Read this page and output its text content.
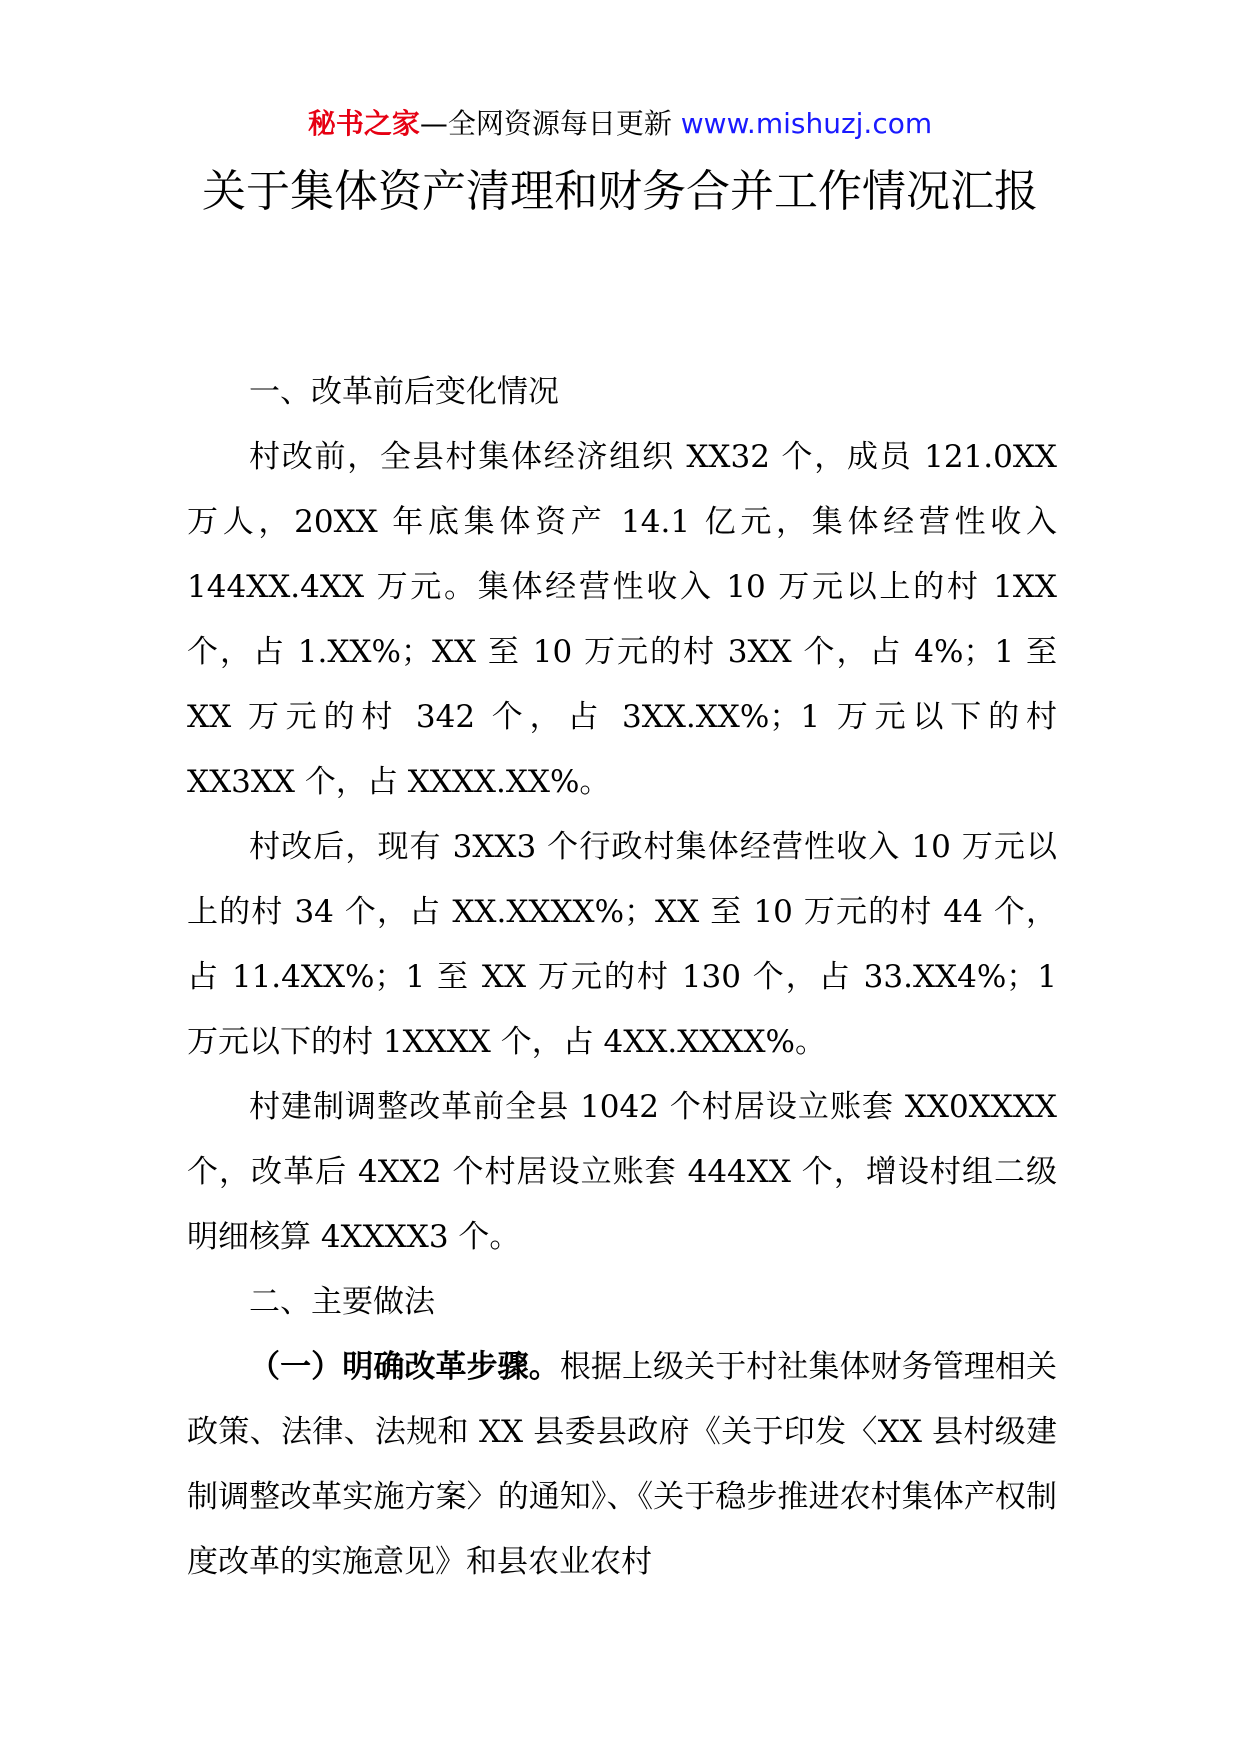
秘书之家—全网资源每日更新 www.mishuzj.com
关于集体资产清理和财务合并工作情况汇报

一、改革前后变化情况

村改前，全县村集体经济组织 XX32 个，成员 121.0XX 万人，20XX 年底集体资产 14.1 亿元，集体经营性收入 144XX.4XX 万元。集体经营性收入 10 万元以上的村 1XX 个，占 1.XX%；XX 至 10 万元的村 3XX 个，占 4%；1 至 XX 万元的村 342 个，占 3XX.XX%；1 万元以下的村 XX3XX 个，占 XXXX.XX%。

村改后，现有 3XX3 个行政村集体经营性收入 10 万元以上的村 34 个，占 XX.XXXX%；XX 至 10 万元的村 44 个，占 11.4XX%；1 至 XX 万元的村 130 个，占 33.XX4%；1 万元以下的村 1XXXX 个，占 4XX.XXXX%。

村建制调整改革前全县 1042 个村居设立账套 XX0XXXX 个，改革后 4XX2 个村居设立账套 444XX 个，增设村组二级明细核算 4XXXX3 个。

二、主要做法

（一）明确改革步骤。根据上级关于村社集体财务管理相关政策、法律、法规和 XX 县委县政府《关于印发〈XX 县村级建制调整改革实施方案〉的通知》、《关于稳步推进农村集体产权制度改革的实施意见》和县农业农村
